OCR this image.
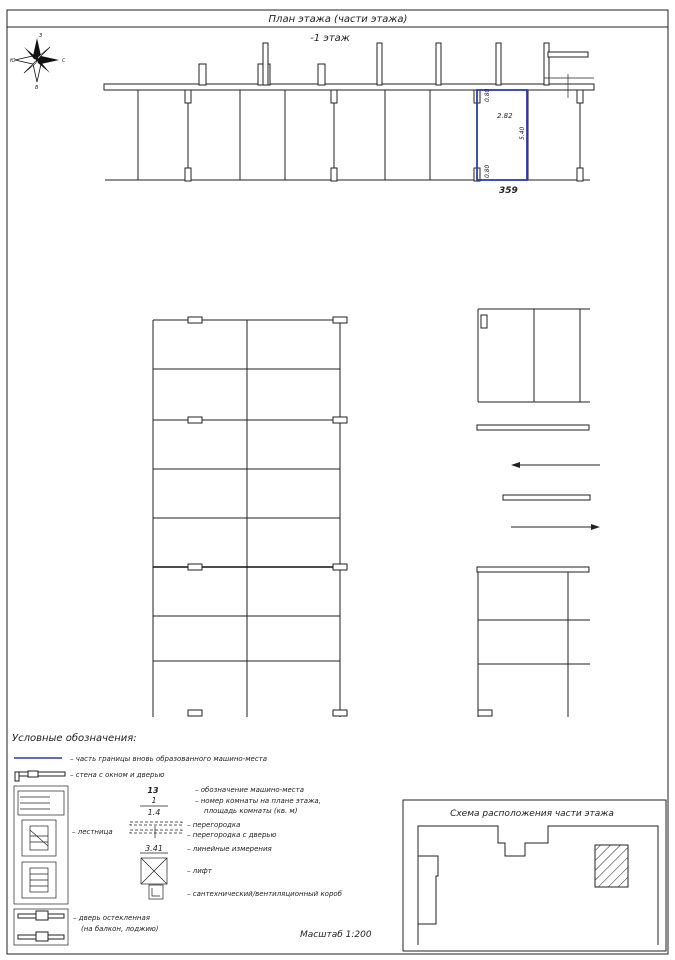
План этажа (части этажа)
-1 этаж
З
В
Ю	С
0.80
0.80
2.82
5.40
359
Условные обозначения:
– часть границы вновь образованного машино-места
– стена с окном и дверью
– лестница
13	– обозначение машино-места
1
1.4
– номер комнаты на плане этажа,
площадь комнаты (кв. м)
– перегородка
– перегородка с дверью
3.41	– линейные измерения
– лифт
– сантехнический/вентиляционный короб
– дверь остекленная
(на балкон, лоджию)
Масштаб 1:200
Схема расположения части этажа
